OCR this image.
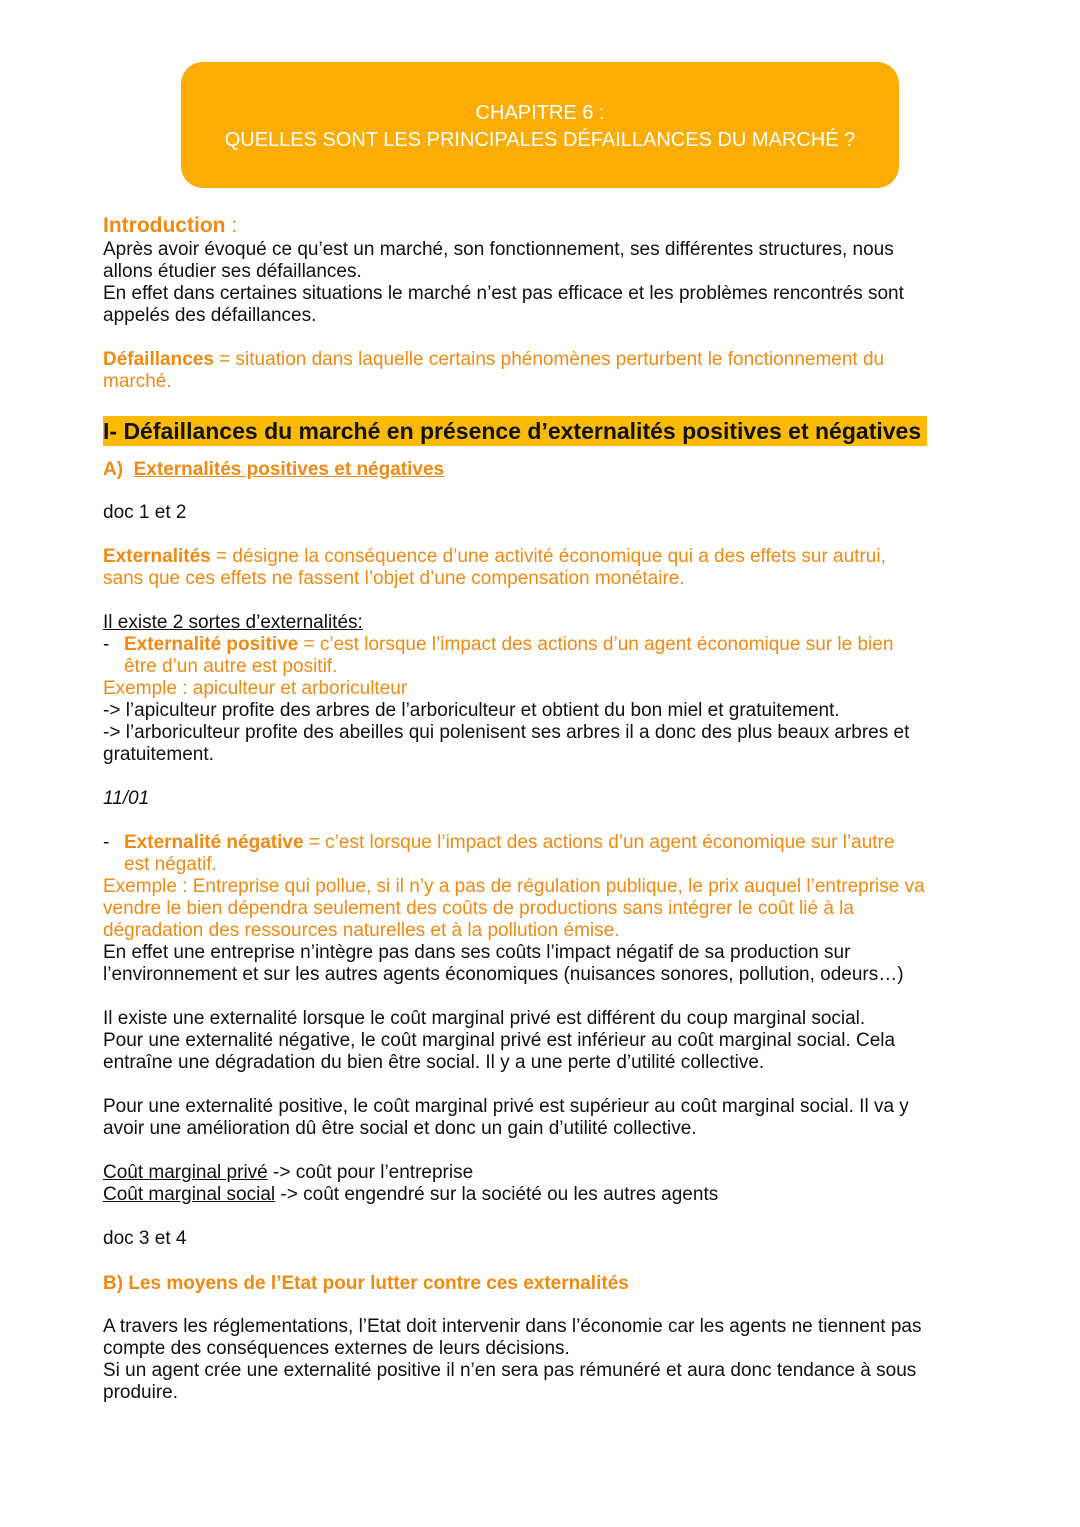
CHAPITRE 6 :
QUELLES SONT LES PRINCIPALES DÉFAILLANCES DU MARCHÉ ?

Introduction :

Après avoir évoqué ce qu’est un marché, son fonctionnement, ses différentes structures, nous

allons étudier ses défaillances.

En effet dans certaines situations le marché n’est pas efficace et les problèmes rencontrés sont

appelés des défaillances.

Défaillances = situation dans laquelle certains phénomènes perturbent le fonctionnement du

marché.

I- Défaillances du marché en présence d’externalités positives et négatives

A) Externalités positives et négatives

doc 1 et 2

Externalités = désigne la conséquence d’une activité économique qui a des effets sur autrui,

sans que ces effets ne fassent l’objet d’une compensation monétaire.

Il existe 2 sortes d’externalités:

- Externalité positive = c’est lorsque l’impact des actions d’un agent économique sur le bien

être d’un autre est positif.

Exemple : apiculteur et arboriculteur

-> l’apiculteur profite des arbres de l’arboriculteur et obtient du bon miel et gratuitement.

-> l’arboriculteur profite des abeilles qui polenisent ses arbres il a donc des plus beaux arbres et

gratuitement.

11/01

- Externalité négative = c’est lorsque l’impact des actions d’un agent économique sur l’autre

est négatif.

Exemple : Entreprise qui pollue, si il n’y a pas de régulation publique, le prix auquel l’entreprise va

vendre le bien dépendra seulement des coûts de productions sans intégrer le coût lié à la

dégradation des ressources naturelles et à la pollution émise.

En effet une entreprise n’intègre pas dans ses coûts l’impact négatif de sa production sur

l’environnement et sur les autres agents économiques (nuisances sonores, pollution, odeurs…)

Il existe une externalité lorsque le coût marginal privé est différent du coup marginal social.

Pour une externalité négative, le coût marginal privé est inférieur au coût marginal social. Cela

entraîne une dégradation du bien être social. Il y a une perte d’utilité collective.

Pour une externalité positive, le coût marginal privé est supérieur au coût marginal social. Il va y

avoir une amélioration dû être social et donc un gain d’utilité collective.

Coût marginal privé -> coût pour l’entreprise

Coût marginal social -> coût engendré sur la société ou les autres agents

doc 3 et 4

B) Les moyens de l’Etat pour lutter contre ces externalités

A travers les réglementations, l’Etat doit intervenir dans l’économie car les agents ne tiennent pas

compte des conséquences externes de leurs décisions.

Si un agent crée une externalité positive il n’en sera pas rémunéré et aura donc tendance à sous

produire.
